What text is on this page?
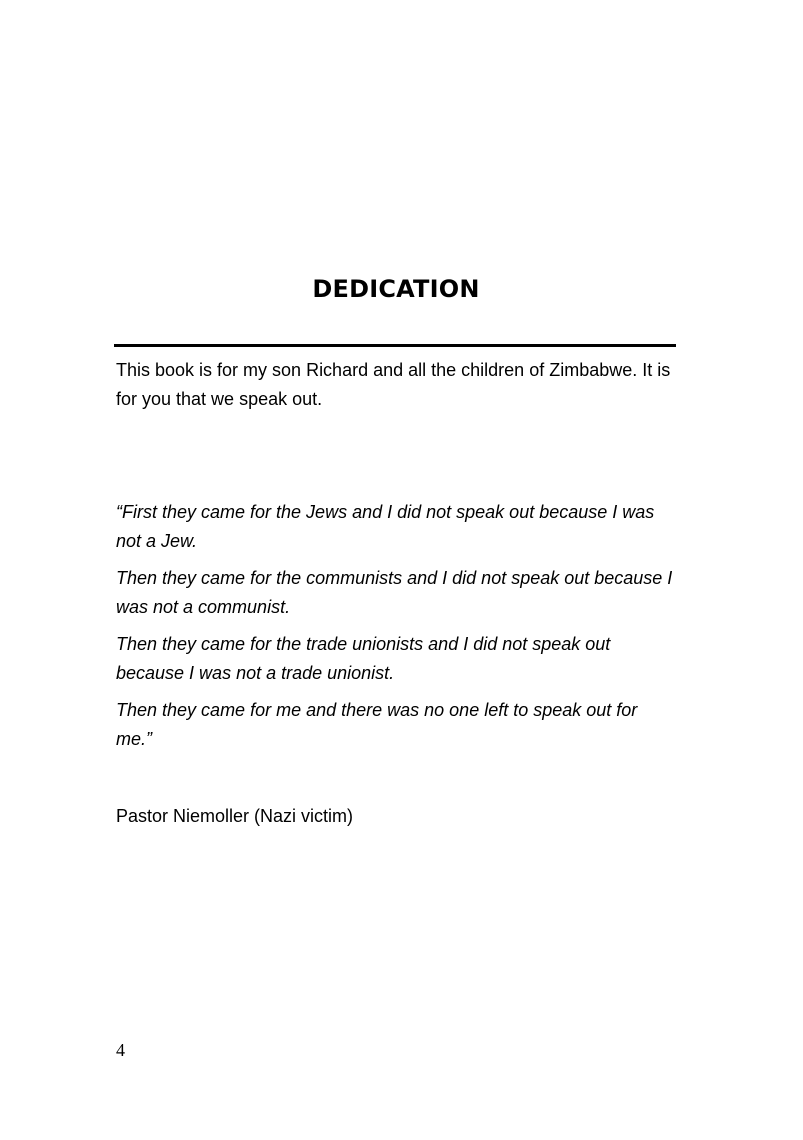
DEDICATION

This book is for my son Richard and all the children of Zimbabwe. It is for you that we speak out.

“First they came for the Jews and I did not speak out because I was not a Jew.

Then they came for the communists and I did not speak out because I was not a communist.

Then they came for the trade unionists and I did not speak out because I was not a trade unionist.

Then they came for me and there was no one left to speak out for me.”

Pastor Niemoller (Nazi victim)

4
